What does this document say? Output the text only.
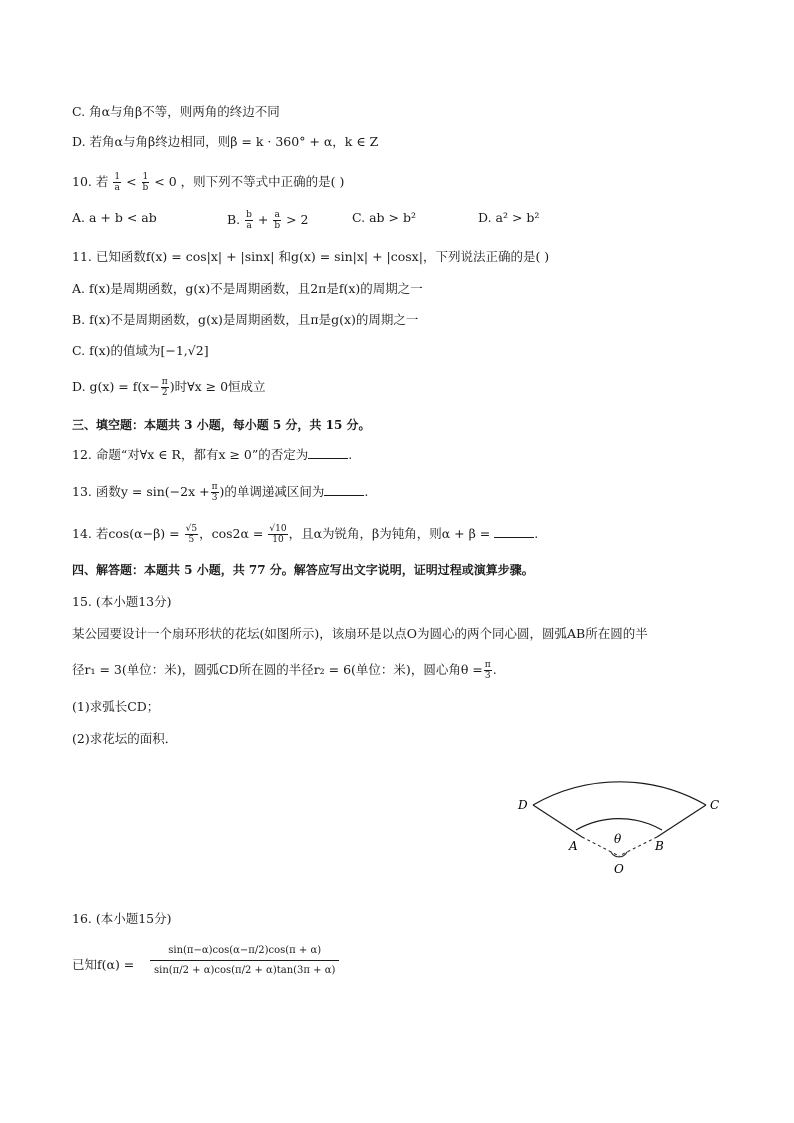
C. 角α与角β不等，则两角的终边不同
D. 若角α与角β终边相同，则β = k · 360° + α，k ∈ Z
10. 若 $\frac{1}{a} < \frac{1}{b} < 0$ ，则下列不等式中正确的是( )
A. a + b < ab	B. $\frac{b}{a} + \frac{a}{b} > 2$	C. ab > b²	D. a² > b²
11. 已知函数f(x) = cos|x| + |sinx| 和g(x) = sin|x| + |cosx|，下列说法正确的是( )
A. f(x)是周期函数，g(x)不是周期函数，且2π是f(x)的周期之一
B. f(x)不是周期函数，g(x)是周期函数，且π是g(x)的周期之一
C. f(x)的值域为[−1,√2]
D. $g(x) = f(x- \frac{\pi}{2}$ )时∀x ≥ 0恒成立
三、填空题：本题共 3 小题，每小题 5 分，共 15 分。
12. 命题“对∀x ∈ R，都有x ≥ 0”的否定为	.
13. 函数$y = \sin(-2x + \frac{\pi}{3}$ )的单调递减区间为	.
14. 若$\cos(\alpha-\beta) = \frac{√5}{5}$ ，$\cos 2\alpha = \frac{√10}{10}$ ，且α为锐角，β为钝角，则α + β =	.
四、解答题：本题共 5 小题，共 77 分。解答应写出文字说明，证明过程或演算步骤。
15. (本小题13分)
某公园要设计一个扇环形状的花坛(如图所示)，该扇环是以点O为圆心的两个同心圆，圆弧AB所在圆的半
径r₁ = 3(单位：米)，圆弧CD所在圆的半径r₂ = 6(单位：米)，圆心角$\theta = \frac{\pi}{3}$ .
(1)求弧长CD；
(2)求花坛的面积．
D	C
A	B
O
θ
16. (本小题15分)
已知$f(\alpha) = \frac{\sin(\pi-\alpha)\cos(\alpha-\pi/2)\cos(\pi + \alpha)}{\sin(\pi/2 + \alpha)\cos(\pi/2 + \alpha)\tan(3\pi + \alpha)}$
